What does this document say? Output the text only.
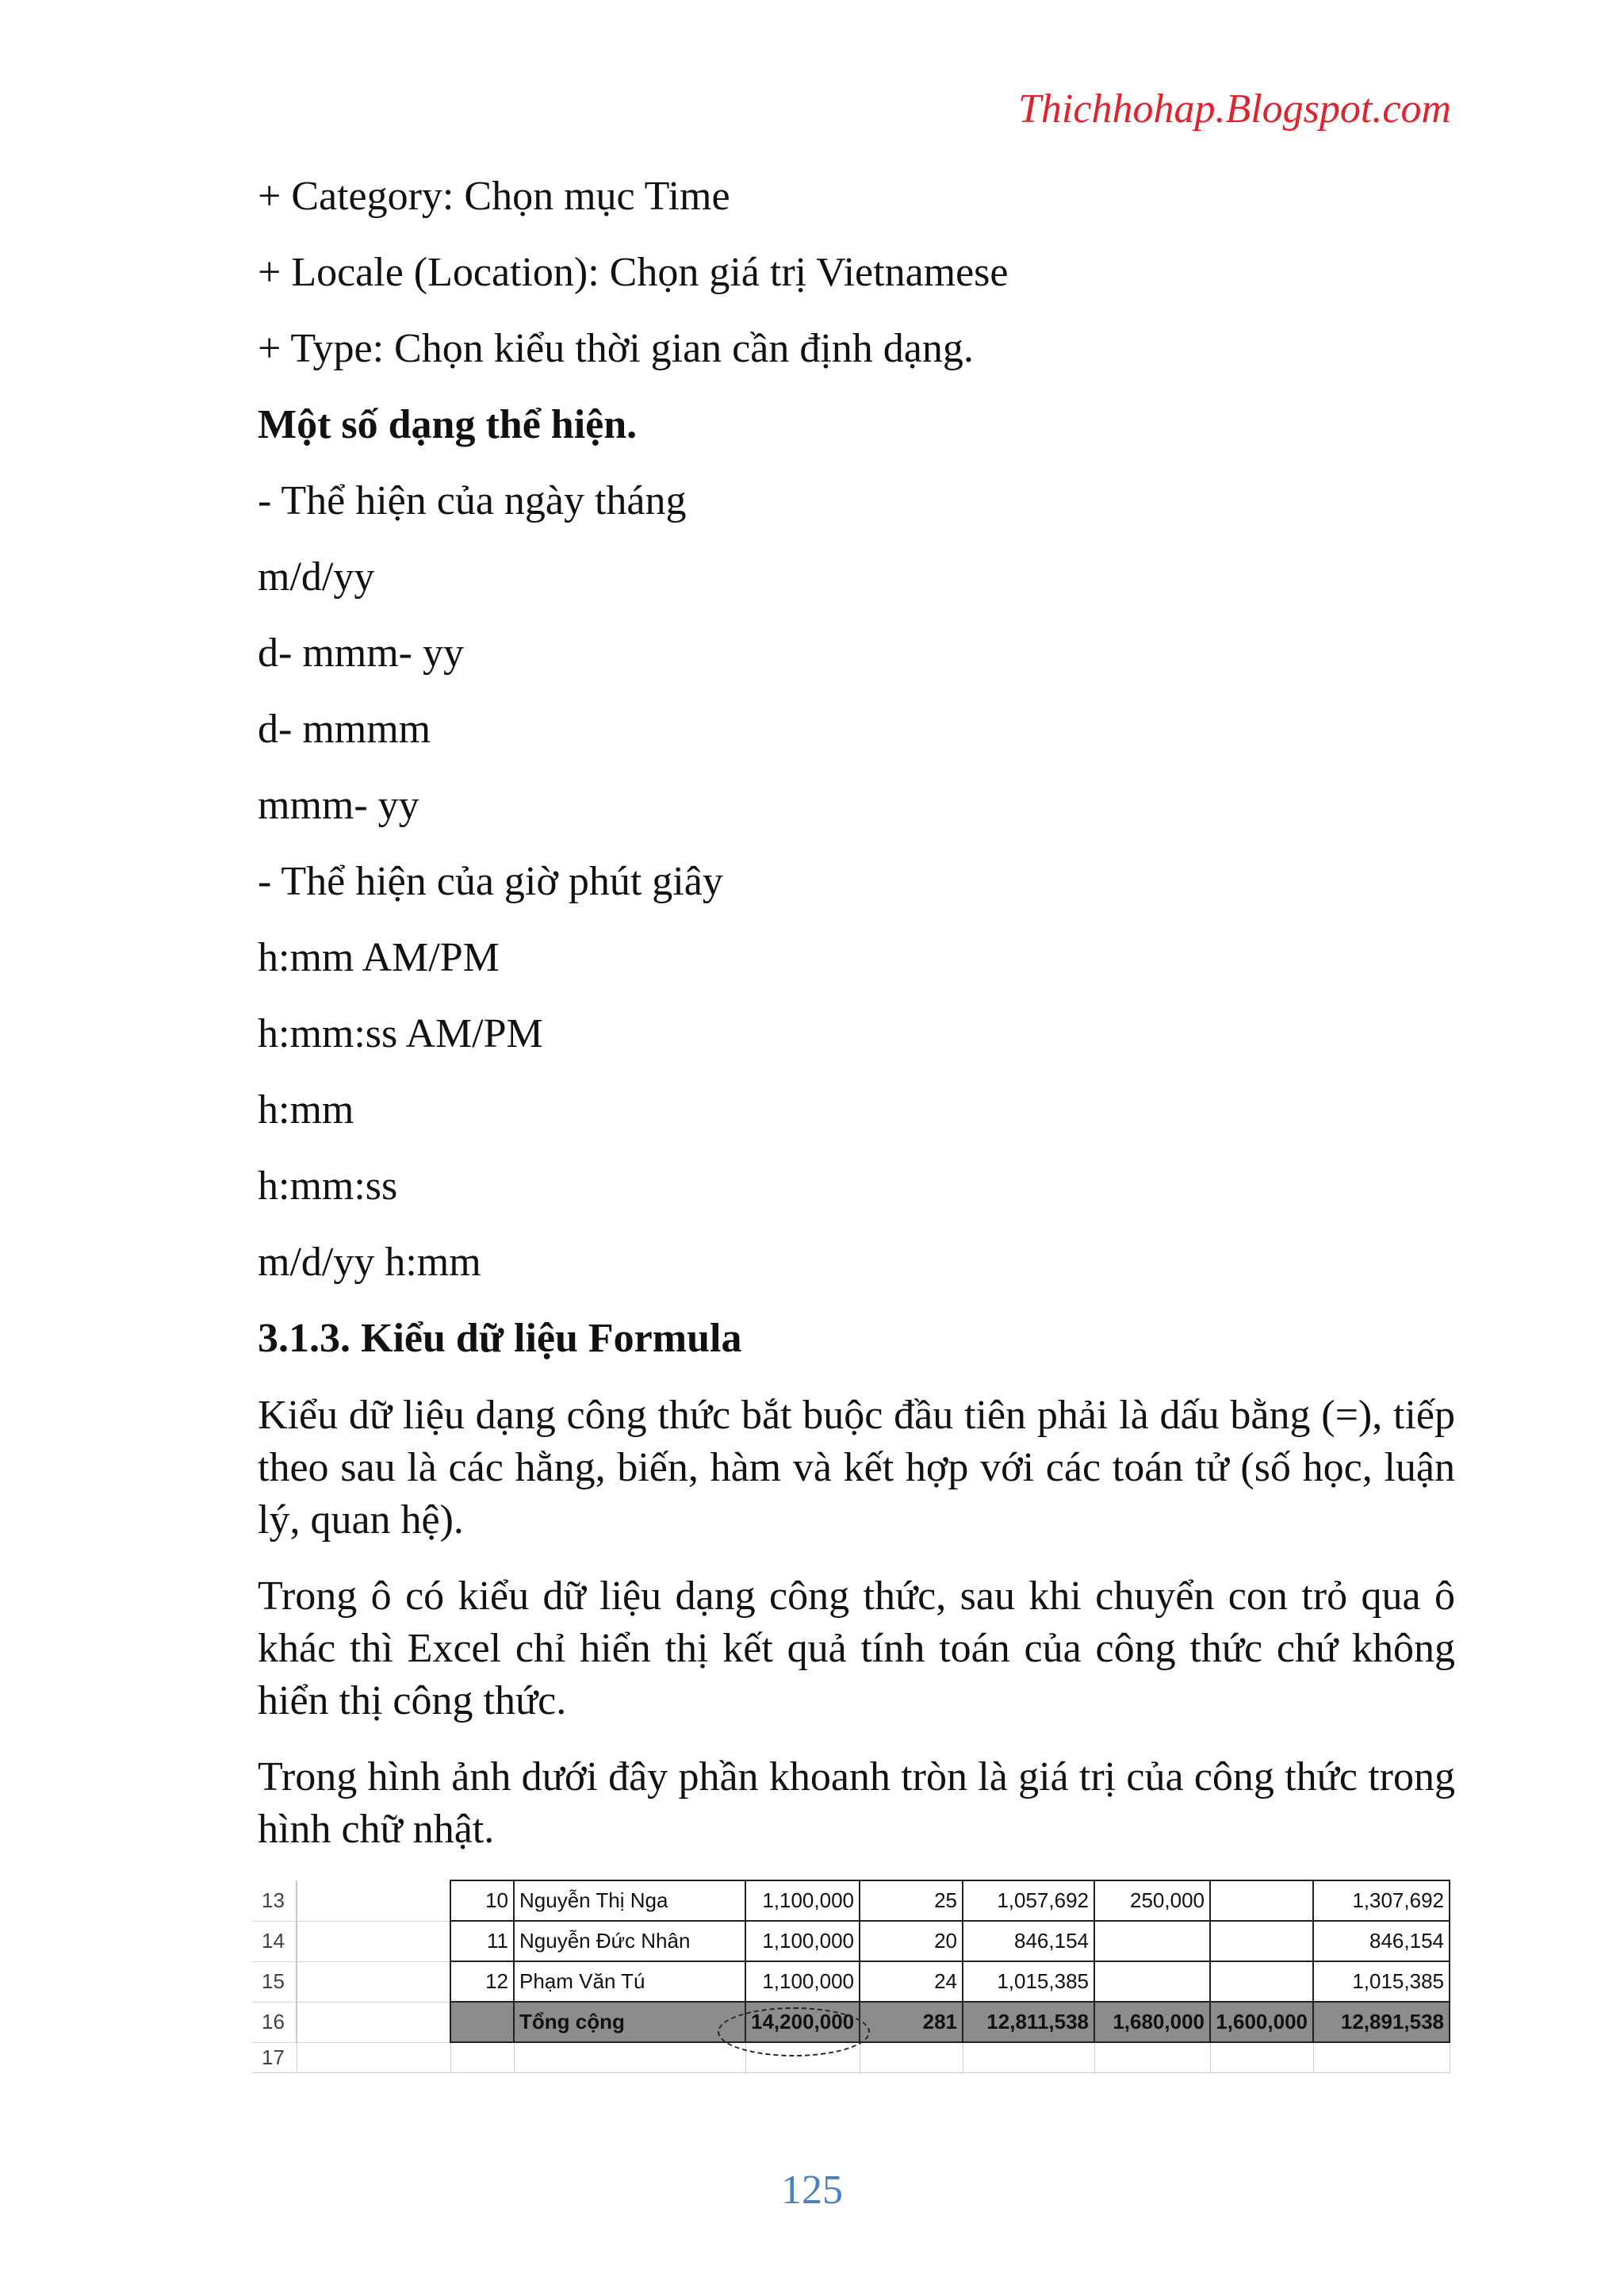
Thichhohap.Blogspot.com
+ Category: Chọn mục Time
+ Locale (Location): Chọn giá trị Vietnamese
+ Type: Chọn kiểu thời gian cần định dạng.
Một số dạng thể hiện.
- Thể hiện của ngày tháng
m/d/yy
d- mmm- yy
d- mmmm
mmm- yy
- Thể hiện của giờ phút giây
h:mm AM/PM
h:mm:ss AM/PM
h:mm
h:mm:ss
m/d/yy h:mm
3.1.3. Kiểu dữ liệu Formula
Kiểu dữ liệu dạng công thức bắt buộc đầu tiên phải là dấu bằng (=), tiếp theo sau là các hằng, biến, hàm và kết hợp với các toán tử (số học, luận lý, quan hệ).
Trong ô có kiểu dữ liệu dạng công thức, sau khi chuyển con trỏ qua ô khác thì Excel chỉ hiển thị kết quả tính toán của công thức chứ không hiển thị công thức.
Trong hình ảnh dưới đây phần khoanh tròn là giá trị của công thức trong hình chữ nhật.
13		10	Nguyễn Thị Nga	1,100,000	25	1,057,692	250,000		1,307,692
14		11	Nguyễn Đức Nhân	1,100,000	20	846,154			846,154
15		12	Phạm Văn Tú	1,100,000	24	1,015,385			1,015,385
16			Tổng cộng	14,200,000	281	12,811,538	1,680,000	1,600,000	12,891,538
17									
125
